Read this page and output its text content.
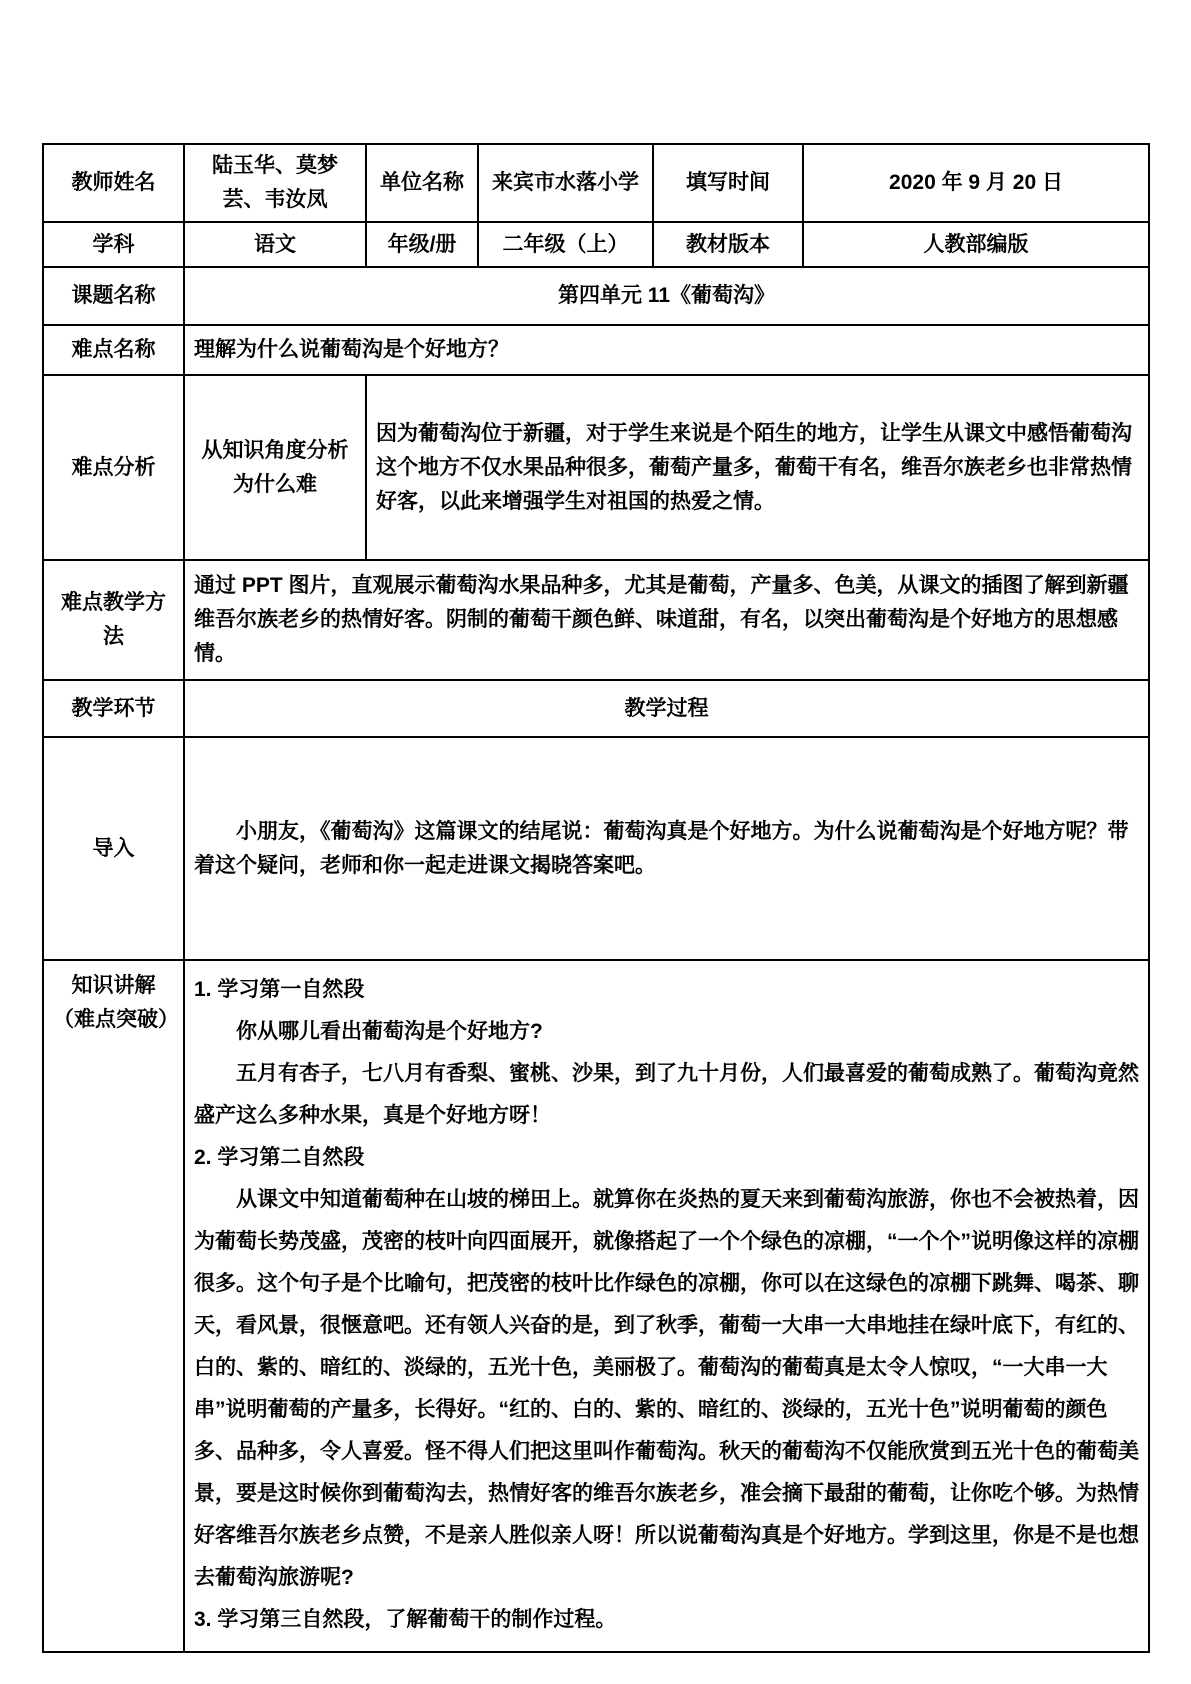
教师姓名	陆玉华、莫梦芸、韦汝凤	单位名称	来宾市水落小学	填写时间	2020 年 9 月 20 日
学科	语文	年级/册	二年级（上）	教材版本	人教部编版
课题名称	第四单元 11《葡萄沟》				
难点名称	理解为什么说葡萄沟是个好地方？				
难点分析	从知识角度分析为什么难	因为葡萄沟位于新疆，对于学生来说是个陌生的地方，让学生从课文中感悟葡萄沟这个地方不仅水果品种很多，葡萄产量多，葡萄干有名，维吾尔族老乡也非常热情好客，以此来增强学生对祖国的热爱之情。			
难点教学方法	通过 PPT 图片，直观展示葡萄沟水果品种多，尤其是葡萄，产量多、色美，从课文的插图了解到新疆维吾尔族老乡的热情好客。阴制的葡萄干颜色鲜、味道甜，有名，以突出葡萄沟是个好地方的思想感情。				
教学环节	教学过程				
导入	小朋友，《葡萄沟》这篇课文的结尾说：葡萄沟真是个好地方。为什么说葡萄沟是个好地方呢？带着这个疑问，老师和你一起走进课文揭晓答案吧。				

知识讲解
（难点突破）

1. 学习第一自然段

你从哪儿看出葡萄沟是个好地方?

五月有杏子，七八月有香梨、蜜桃、沙果，到了九十月份，人们最喜爱的葡萄成熟了。葡萄沟竟然盛产这么多种水果，真是个好地方呀！

2. 学习第二自然段

从课文中知道葡萄种在山坡的梯田上。就算你在炎热的夏天来到葡萄沟旅游，你也不会被热着，因为葡萄长势茂盛，茂密的枝叶向四面展开，就像搭起了一个个绿色的凉棚，“一个个”说明像这样的凉棚很多。这个句子是个比喻句，把茂密的枝叶比作绿色的凉棚，你可以在这绿色的凉棚下跳舞、喝茶、聊天，看风景，很惬意吧。还有领人兴奋的是，到了秋季，葡萄一大串一大串地挂在绿叶底下，有红的、白的、紫的、暗红的、淡绿的，五光十色，美丽极了。葡萄沟的葡萄真是太令人惊叹，“一大串一大串”说明葡萄的产量多，长得好。“红的、白的、紫的、暗红的、淡绿的，五光十色”说明葡萄的颜色多、品种多，令人喜爱。怪不得人们把这里叫作葡萄沟。秋天的葡萄沟不仅能欣赏到五光十色的葡萄美景，要是这时候你到葡萄沟去，热情好客的维吾尔族老乡，准会摘下最甜的葡萄，让你吃个够。为热情好客维吾尔族老乡点赞，不是亲人胜似亲人呀！所以说葡萄沟真是个好地方。学到这里，你是不是也想去葡萄沟旅游呢?

3. 学习第三自然段，了解葡萄干的制作过程。
